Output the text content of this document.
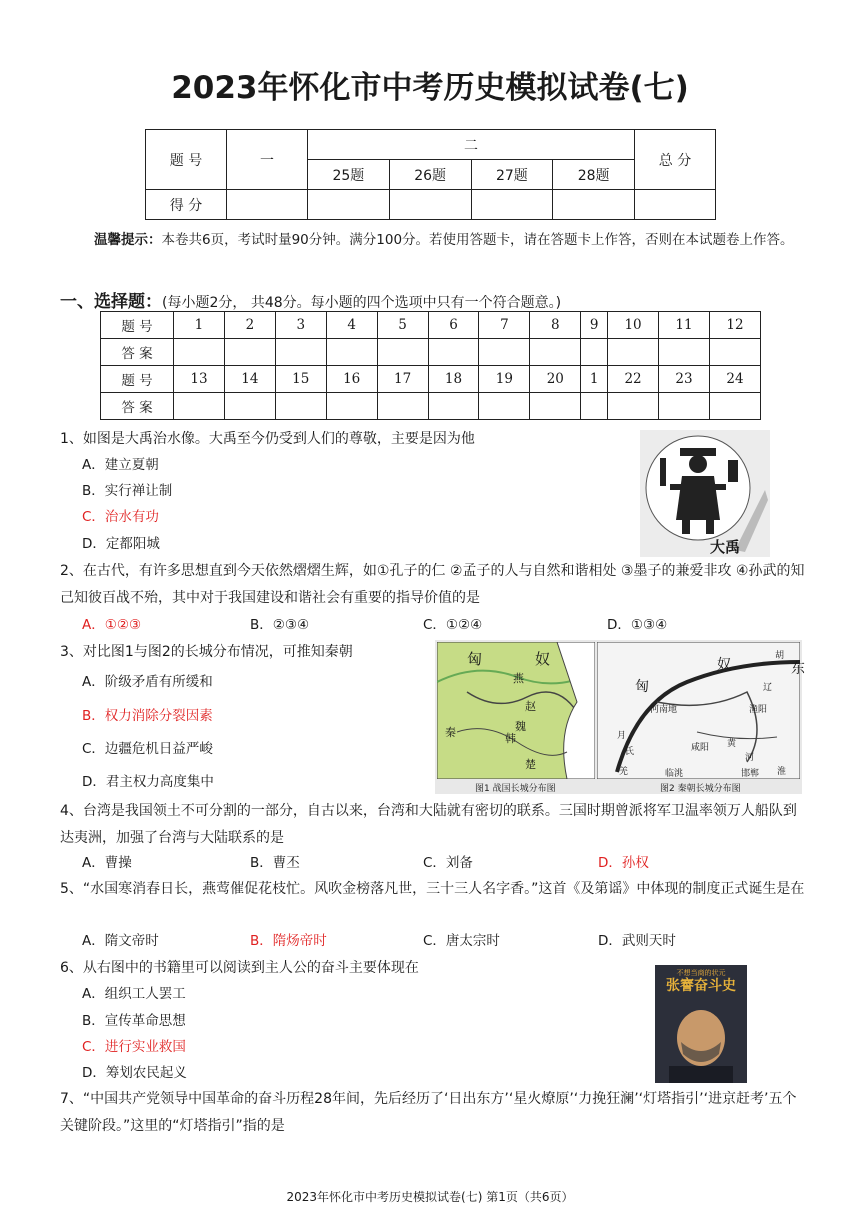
2023年怀化市中考历史模拟试卷(七)
题 号	一	二				总 分
		25题	26题	27题	28题	
得 分						
温馨提示：本卷共6页，考试时量90分钟。满分100分。若使用答题卡，请在答题卡上作答，否则在本试题卷上作答。
一、选择题：(每小题2分， 共48分。每小题的四个选项中只有一个符合题意。)
题 号	1	2	3	4	5	6	7	8	9	10	11	12
答 案												
题 号	13	14	15	16	17	18	19	20	1	22	23	24
答 案												
1、如图是大禹治水像。大禹至今仍受到人们的尊敬，主要是因为他
A．建立夏朝
B．实行禅让制
C．治水有功
D．定都阳城	大禹
2、在古代，有许多思想直到今天依然熠熠生辉，如①孔子的仁 ②孟子的人与自然和谐相处 ③墨子的兼爱非攻 ④孙武的知己知彼百战不殆，其中对于我国建设和谐社会有重要的指导价值的是
A．①②③	B．②③④	C．①②④	D．①③④
3、对比图1与图2的长城分布情况，可推知秦朝
A．阶级矛盾有所缓和
B．权力消除分裂因素
C．边疆危机日益严峻
D．君主权力高度集中
匈	奴
燕
赵
魏
秦	韩
楚
胡
东
奴
匈
河南地
辽
渔阳
月
氏	咸阳 黄
河
邯郸
羌	淮
临洮
图1 战国长城分布图	图2 秦朝长城分布图
4、台湾是我国领土不可分割的一部分，自古以来，台湾和大陆就有密切的联系。三国时期曾派将军卫温率领万人船队到达夷洲，加强了台湾与大陆联系的是
A．曹操	B．曹丕	C．刘备	D．孙权
5、“水国寒消春日长，燕莺催促花枝忙。风吹金榜落凡世，三十三人名字香。”这首《及第谣》中体现的制度正式诞生是在
A．隋文帝时	B．隋炀帝时	C．唐太宗时	D．武则天时
6、从右图中的书籍里可以阅读到主人公的奋斗主要体现在
A．组织工人罢工
B．宣传革命思想
C．进行实业救国
D．筹划农民起义
不想当商的状元
张謇奋斗史
7、“中国共产党领导中国革命的奋斗历程28年间，先后经历了‘日出东方’‘星火燎原’‘力挽狂澜’‘灯塔指引’‘进京赶考’五个关键阶段。”这里的“灯塔指引”指的是
2023年怀化市中考历史模拟试卷(七) 第1页（共6页）
